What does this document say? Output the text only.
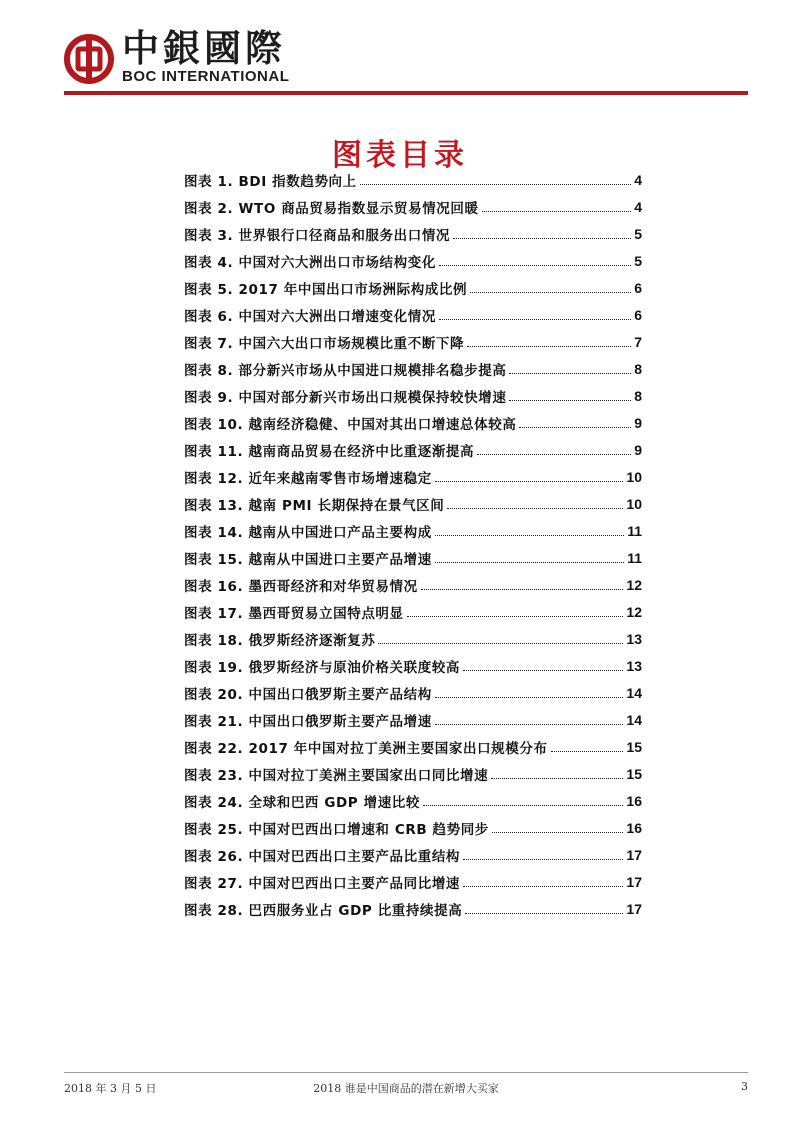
中銀國際
BOC INTERNATIONAL
图表目录
图表 1. BDI 指数趋势向上	4
图表 2. WTO 商品贸易指数显示贸易情况回暖	4
图表 3. 世界银行口径商品和服务出口情况	5
图表 4. 中国对六大洲出口市场结构变化	5
图表 5. 2017 年中国出口市场洲际构成比例	6
图表 6. 中国对六大洲出口增速变化情况	6
图表 7. 中国六大出口市场规模比重不断下降	7
图表 8. 部分新兴市场从中国进口规模排名稳步提高	8
图表 9. 中国对部分新兴市场出口规模保持较快增速	8
图表 10. 越南经济稳健、中国对其出口增速总体较高	9
图表 11. 越南商品贸易在经济中比重逐渐提高	9
图表 12. 近年来越南零售市场增速稳定	10
图表 13. 越南 PMI 长期保持在景气区间	10
图表 14. 越南从中国进口产品主要构成	11
图表 15. 越南从中国进口主要产品增速	11
图表 16. 墨西哥经济和对华贸易情况	12
图表 17. 墨西哥贸易立国特点明显	12
图表 18. 俄罗斯经济逐渐复苏	13
图表 19. 俄罗斯经济与原油价格关联度较高	13
图表 20. 中国出口俄罗斯主要产品结构	14
图表 21. 中国出口俄罗斯主要产品增速	14
图表 22. 2017 年中国对拉丁美洲主要国家出口规模分布	15
图表 23. 中国对拉丁美洲主要国家出口同比增速	15
图表 24. 全球和巴西 GDP 增速比较	16
图表 25. 中国对巴西出口增速和 CRB 趋势同步	16
图表 26. 中国对巴西出口主要产品比重结构	17
图表 27. 中国对巴西出口主要产品同比增速	17
图表 28. 巴西服务业占 GDP 比重持续提高	17
2018 年 3 月 5 日	2018 谁是中国商品的潜在新增大买家	3
